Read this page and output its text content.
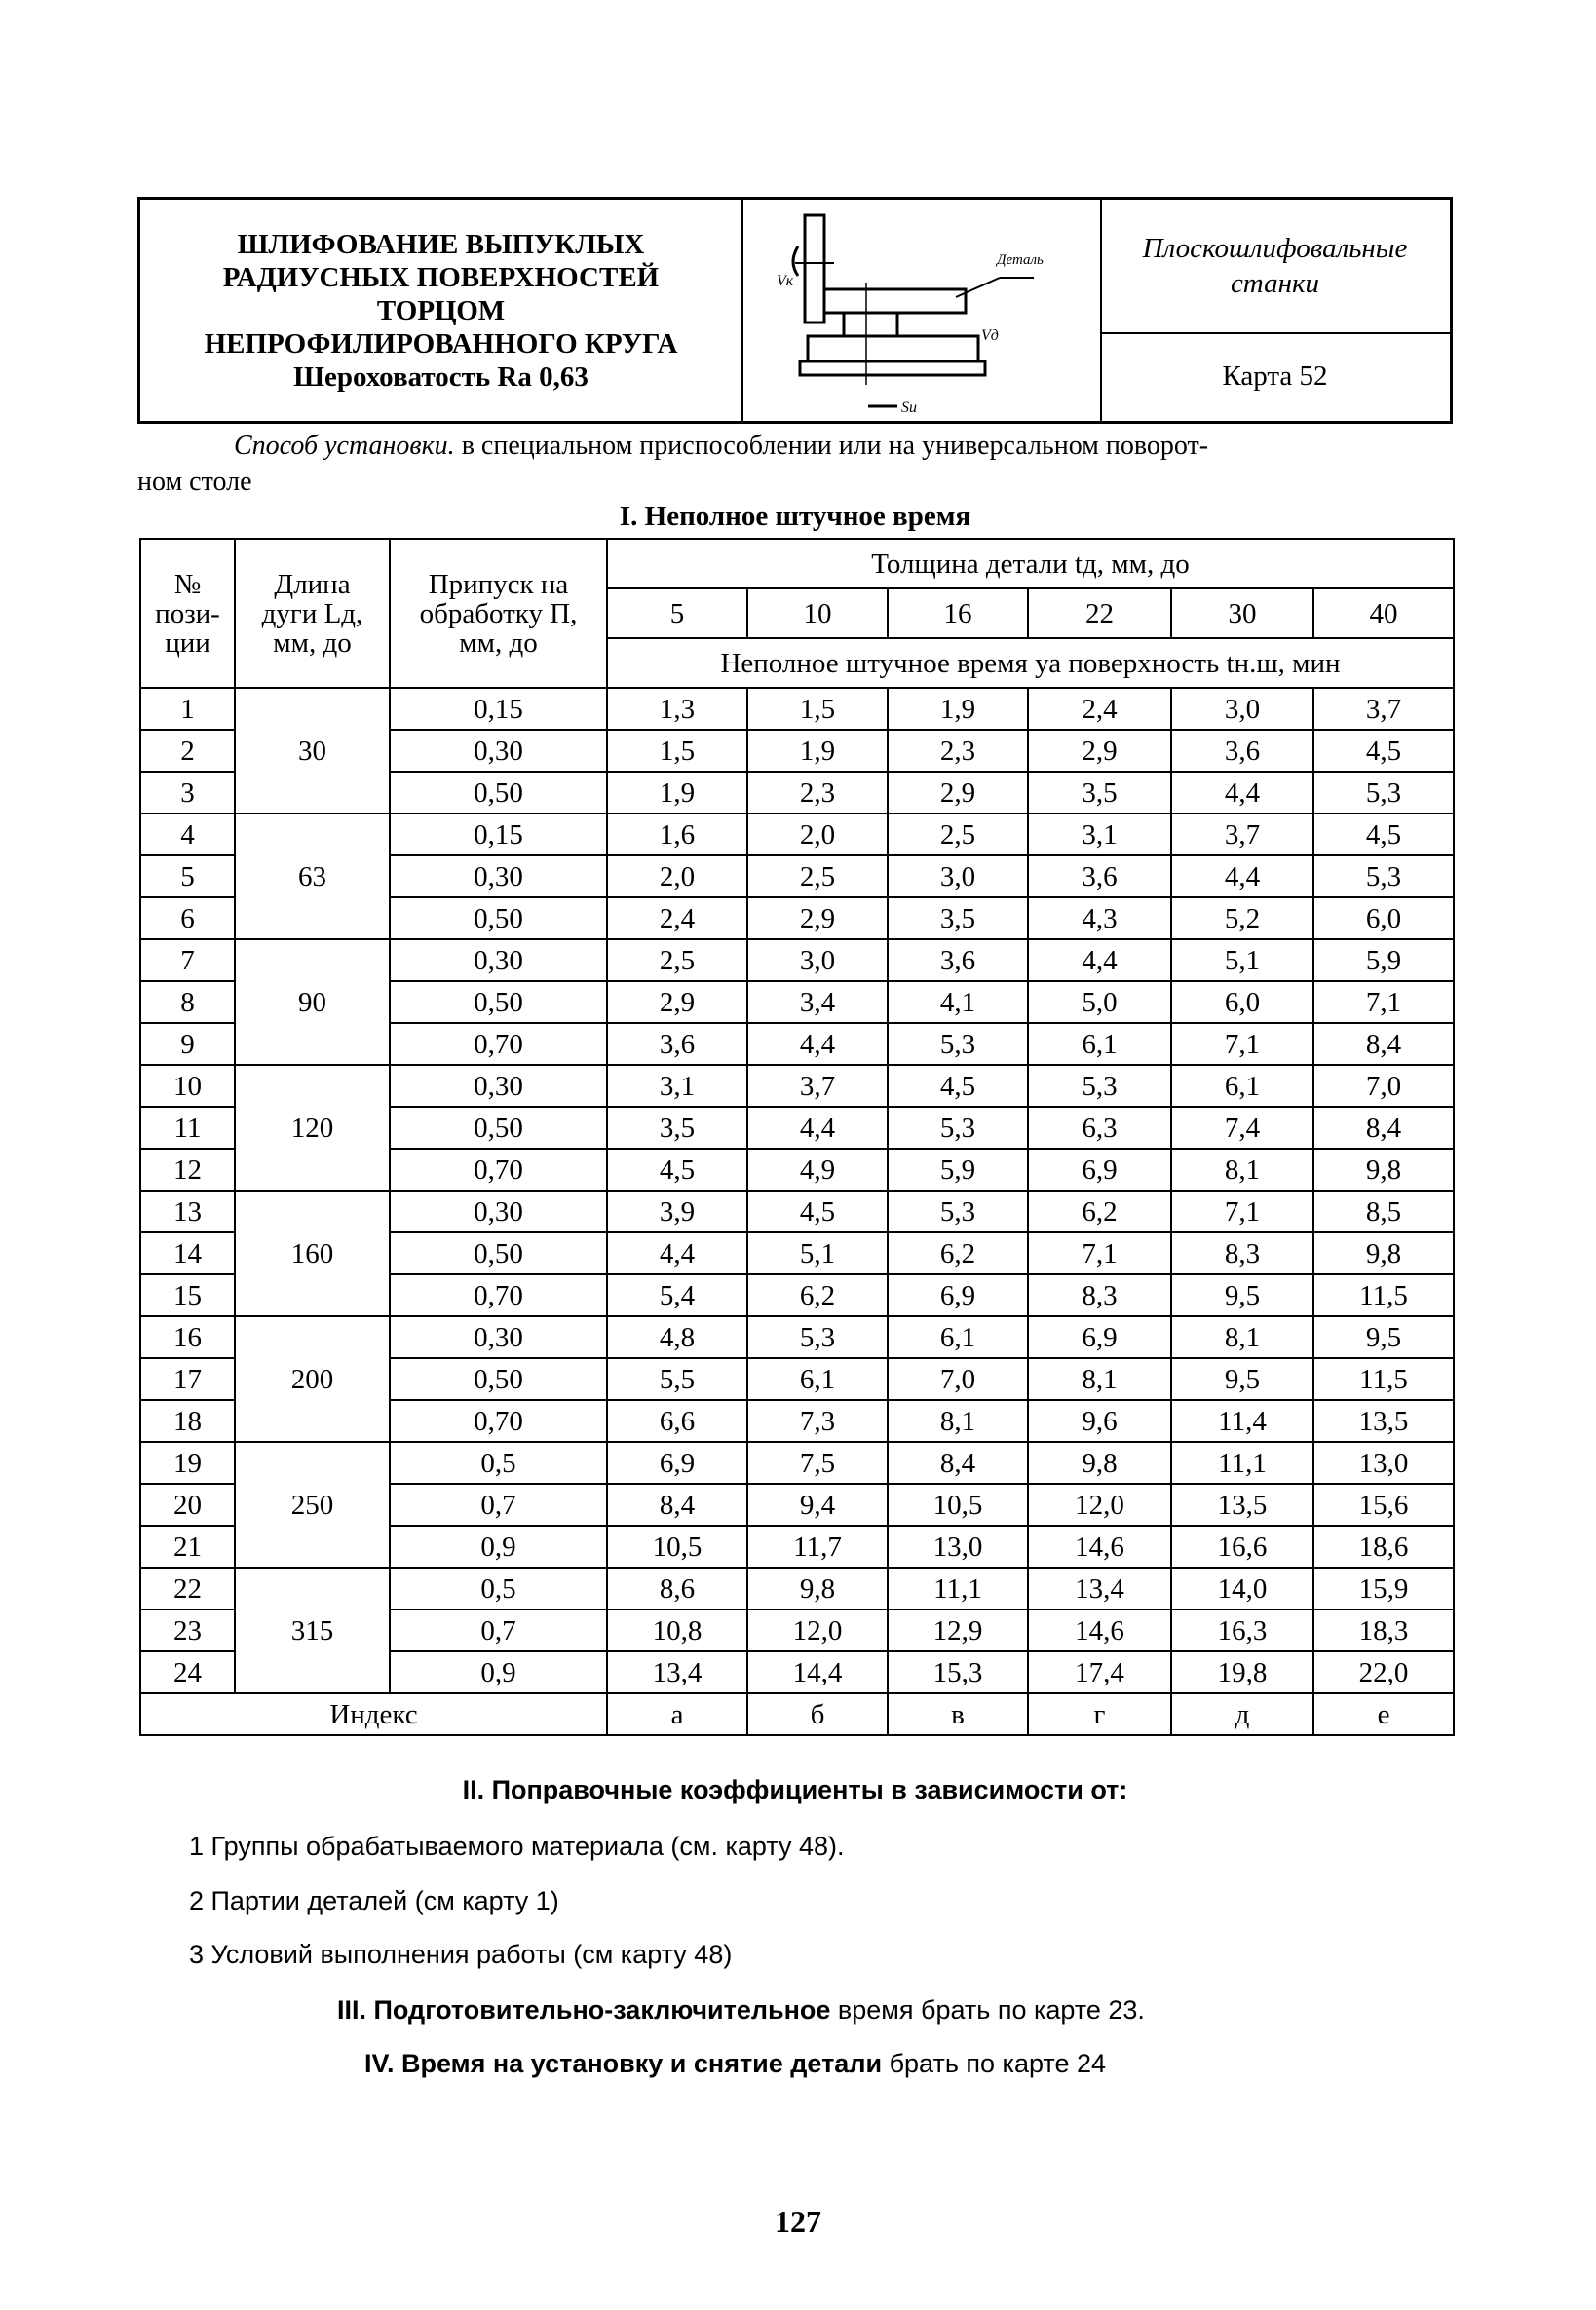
ШЛИФОВАНИЕ ВЫПУКЛЫХ
РАДИУСНЫХ ПОВЕРХНОСТЕЙ
ТОРЦОМ
НЕПРОФИЛИРОВАННОГО КРУГА
Шероховатость Ra 0,63
Vк
Деталь
Vд
Sи
Плоскошлифовальные
станки
Карта 52
Способ установки. в специальном приспособлении или на универсальном поворот-
ном столе
I. Неполное штучное время
№
пози-
ции	Длина
дуги Lд,
мм, до	Припуск на
обработку П,
мм, до	Толщина детали tд, мм, до					
			5	10	16	22	30	40
			Неполное штучное время уа поверхность tн.ш, мин					
1	30	0,15	1,3	1,5	1,9	2,4	3,0	3,7
2		0,30	1,5	1,9	2,3	2,9	3,6	4,5
3		0,50	1,9	2,3	2,9	3,5	4,4	5,3
4	63	0,15	1,6	2,0	2,5	3,1	3,7	4,5
5		0,30	2,0	2,5	3,0	3,6	4,4	5,3
6		0,50	2,4	2,9	3,5	4,3	5,2	6,0
7	90	0,30	2,5	3,0	3,6	4,4	5,1	5,9
8		0,50	2,9	3,4	4,1	5,0	6,0	7,1
9		0,70	3,6	4,4	5,3	6,1	7,1	8,4
10	120	0,30	3,1	3,7	4,5	5,3	6,1	7,0
11		0,50	3,5	4,4	5,3	6,3	7,4	8,4
12		0,70	4,5	4,9	5,9	6,9	8,1	9,8
13	160	0,30	3,9	4,5	5,3	6,2	7,1	8,5
14		0,50	4,4	5,1	6,2	7,1	8,3	9,8
15		0,70	5,4	6,2	6,9	8,3	9,5	11,5
16	200	0,30	4,8	5,3	6,1	6,9	8,1	9,5
17		0,50	5,5	6,1	7,0	8,1	9,5	11,5
18		0,70	6,6	7,3	8,1	9,6	11,4	13,5
19	250	0,5	6,9	7,5	8,4	9,8	11,1	13,0
20		0,7	8,4	9,4	10,5	12,0	13,5	15,6
21		0,9	10,5	11,7	13,0	14,6	16,6	18,6
22	315	0,5	8,6	9,8	11,1	13,4	14,0	15,9
23		0,7	10,8	12,0	12,9	14,6	16,3	18,3
24		0,9	13,4	14,4	15,3	17,4	19,8	22,0
Индекс			а	б	в	г	д	е
II. Поправочные коэффициенты в зависимости от:
1 Группы обрабатываемого материала (см. карту 48).
2 Партии деталей (см карту 1)
3 Условий выполнения работы (см карту 48)
III. Подготовительно-заключительное время брать по карте 23.
IV. Время на установку и снятие детали брать по карте 24
127
